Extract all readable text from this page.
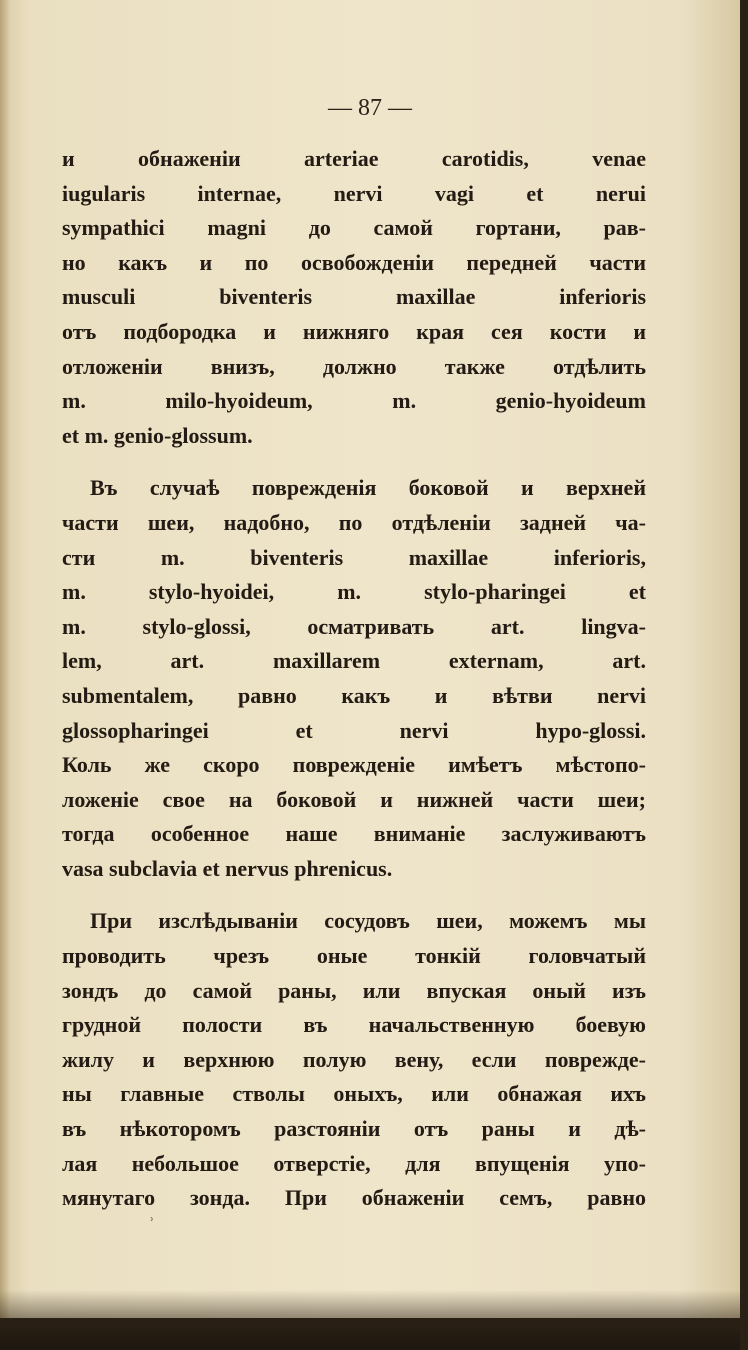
— 87 —
и обнаженіи arteriae carotidis, venae
iugularis internae, nervi vagi et nerui
sympathici magni до самой гортани, рав-
но какъ и по освобожденіи передней части
musculi biventeris maxillae inferioris
отъ подбородка и нижняго края сея кости и
отложеніи внизъ, должно также отдѣлить
m. milo-hyoideum, m. genio-hyoideum
et m. genio-glossum.
Въ случаѣ поврежденія боковой и верхней
части шеи, надобно, по отдѣленіи задней ча-
сти m. biventeris maxillae inferioris,
m. stylo-hyoidei, m. stylo-pharingei et
m. stylo-glossi, осматривать art. lingva-
lem, art. maxillarem externam, art.
submentalem, равно какъ и вѣтви nervi
glossopharingei et nervi hypo-glossi.
Коль же скоро поврежденіе имѣетъ мѣстопо-
ложеніе свое на боковой и нижней части шеи;
тогда особенное наше вниманіе заслуживаютъ
vasa subclavia et nervus phrenicus.
При изслѣдываніи сосудовъ шеи, можемъ мы
проводить чрезъ оные тонкій головчатый
зондъ до самой раны, или впуская оный изъ
грудной полости въ начальственную боевую
жилу и верхнюю полую вену, если повреждe-
ны главные стволы оныхъ, или обнажая ихъ
въ нѣкоторомъ разстояніи отъ раны и дѣ-
лая небольшое отверстіе, для впущенія упо-
мянутаго зонда. При обнаженіи семъ, равно
ʾ
